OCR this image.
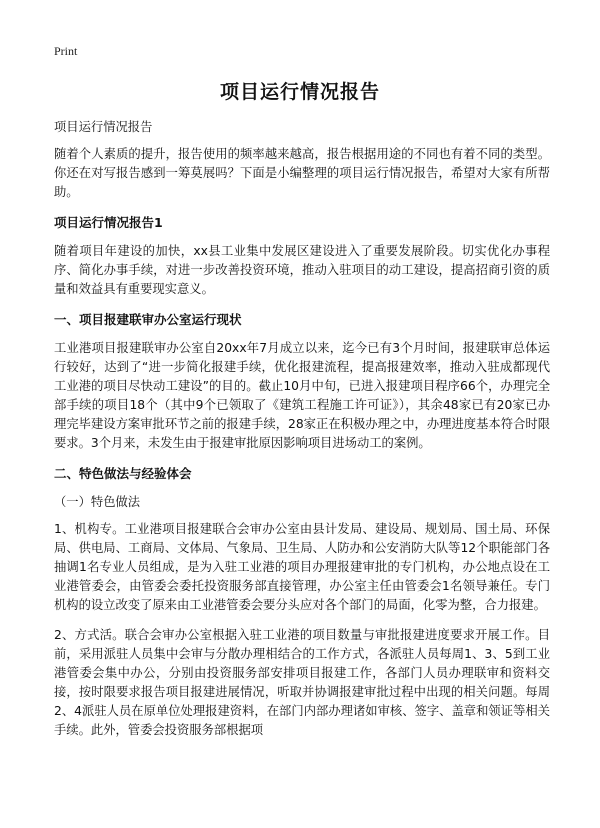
Print
项目运行情况报告

项目运行情况报告

随着个人素质的提升，报告使用的频率越来越高，报告根据用途的不同也有着不同的类型。你还在对写报告感到一筹莫展吗？下面是小编整理的项目运行情况报告，希望对大家有所帮助。

项目运行情况报告1

随着项目年建设的加快，xx县工业集中发展区建设进入了重要发展阶段。切实优化办事程序、简化办事手续，对进一步改善投资环境，推动入驻项目的动工建设，提高招商引资的质量和效益具有重要现实意义。

一、项目报建联审办公室运行现状

工业港项目报建联审办公室自20xx年7月成立以来，迄今已有3个月时间，报建联审总体运行较好，达到了“进一步简化报建手续，优化报建流程，提高报建效率，推动入驻成都现代工业港的项目尽快动工建设”的目的。截止10月中旬，已进入报建项目程序66个，办理完全部手续的项目18个（其中9个已领取了《建筑工程施工许可证》），其余48家已有20家已办理完毕建设方案审批环节之前的报建手续，28家正在积极办理之中，办理进度基本符合时限要求。3个月来，未发生由于报建审批原因影响项目进场动工的案例。

二、特色做法与经验体会

（一）特色做法

1、机构专。工业港项目报建联合会审办公室由县计发局、建设局、规划局、国土局、环保局、供电局、工商局、文体局、气象局、卫生局、人防办和公安消防大队等12个职能部门各抽调1名专业人员组成，是为入驻工业港的项目办理报建审批的专门机构，办公地点设在工业港管委会，由管委会委托投资服务部直接管理，办公室主任由管委会1名领导兼任。专门机构的设立改变了原来由工业港管委会要分头应对各个部门的局面，化零为整，合力报建。

2、方式活。联合会审办公室根据入驻工业港的项目数量与审批报建进度要求开展工作。目前，采用派驻人员集中会审与分散办理相结合的工作方式，各派驻人员每周1、3、5到工业港管委会集中办公，分别由投资服务部安排项目报建工作，各部门人员办理联审和资料交接，按时限要求报告项目报建进展情况，听取并协调报建审批过程中出现的相关问题。每周2、4派驻人员在原单位处理报建资料，在部门内部办理诸如审核、签字、盖章和领证等相关手续。此外，管委会投资服务部根据项
